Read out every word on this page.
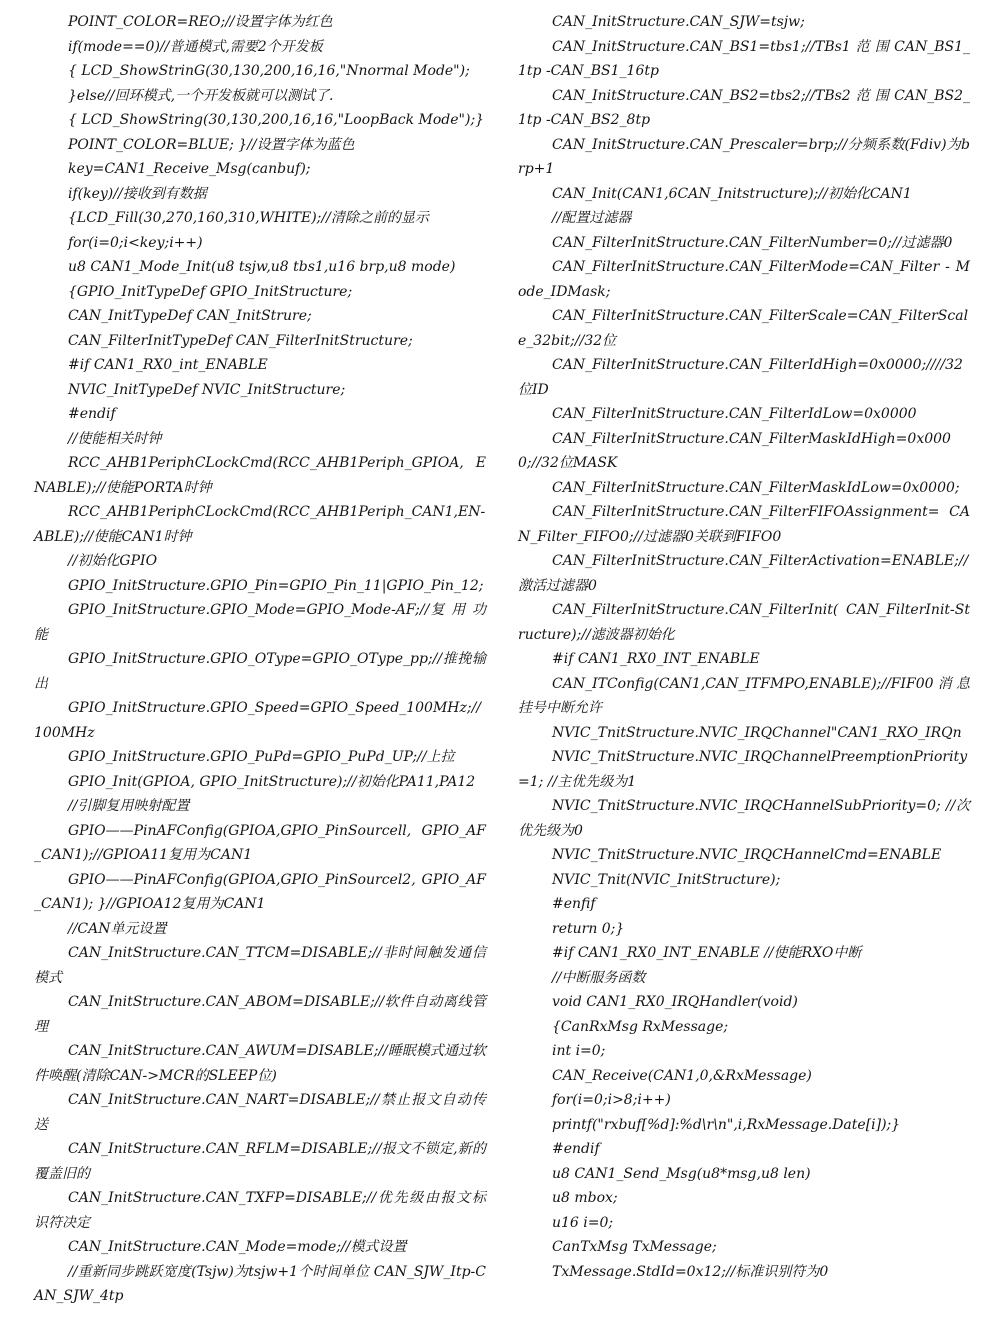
POINT_COLOR=REO;//设置字体为红色

if(mode==0)//普通模式,需要2个开发板

{ LCD_ShowStrinG(30,130,200,16,16,"Nnormal Mode");

}else//回环模式,一个开发板就可以测试了.

{ LCD_ShowString(30,130,200,16,16,"LoopBack Mode");}

POINT_COLOR=BLUE; }//设置字体为蓝色

key=CAN1_Receive_Msg(canbuf);

if(key)//接收到有数据

{LCD_Fill(30,270,160,310,WHITE);//清除之前的显示

for(i=0;i<key;i++)

u8 CAN1_Mode_Init(u8 tsjw,u8 tbs1,u16 brp,u8 mode)

{GPIO_InitTypeDef GPIO_InitStructure;

CAN_InitTypeDef CAN_InitStrure;

CAN_FilterInitTypeDef CAN_FilterInitStructure;

#if CAN1_RX0_int_ENABLE

NVIC_InitTypeDef NVIC_InitStructure;

#endif

//使能相关时钟

RCC_AHB1PeriphCLockCmd(RCC_AHB1Periph_GPIOA, ENABLE);//使能PORTA时钟

RCC_AHB1PeriphCLockCmd(RCC_AHB1Periph_CAN1,EN-ABLE);//使能CAN1时钟

//初始化GPIO

GPIO_InitStructure.GPIO_Pin=GPIO_Pin_11|GPIO_Pin_12;

GPIO_InitStructure.GPIO_Mode=GPIO_Mode-AF;//复 用 功能

GPIO_InitStructure.GPIO_OType=GPIO_OType_pp;//推挽输出

GPIO_InitStructure.GPIO_Speed=GPIO_Speed_100MHz;// 100MHz

GPIO_InitStructure.GPIO_PuPd=GPIO_PuPd_UP;//上拉

GPIO_Init(GPIOA, GPIO_InitStructure);//初始化PA11,PA12

//引脚复用映射配置

GPIO——PinAFConfig(GPIOA,GPIO_PinSourcell, GPIO_AF_CAN1);//GPIOA11复用为CAN1

GPIO——PinAFConfig(GPIOA,GPIO_PinSourcel2, GPIO_AF_CAN1); }//GPIOA12复用为CAN1

//CAN单元设置

CAN_InitStructure.CAN_TTCM=DISABLE;//非时间触发通信模式

CAN_InitStructure.CAN_ABOM=DISABLE;//软件自动离线管理

CAN_InitStructure.CAN_AWUM=DISABLE;//睡眠模式通过软件唤醒(清除CAN->MCR的SLEEP位)

CAN_InitStructure.CAN_NART=DISABLE;//禁止报文自动传送

CAN_InitStructure.CAN_RFLM=DISABLE;//报文不锁定,新的覆盖旧的

CAN_InitStructure.CAN_TXFP=DISABLE;//优先级由报文标识符决定

CAN_InitStructure.CAN_Mode=mode;//模式设置

//重新同步跳跃宽度(Tsjw)为tsjw+1个时间单位 CAN_SJW_Itp-CAN_SJW_4tp

CAN_InitStructure.CAN_SJW=tsjw;

CAN_InitStructure.CAN_BS1=tbs1;//TBs1 范 围 CAN_BS1_1tp -CAN_BS1_16tp

CAN_InitStructure.CAN_BS2=tbs2;//TBs2 范 围 CAN_BS2_1tp -CAN_BS2_8tp

CAN_InitStructure.CAN_Prescaler=brp;//分频系数(Fdiv)为brp+1

CAN_Init(CAN1,6CAN_Initstructure);//初始化CAN1

//配置过滤器

CAN_FilterInitStructure.CAN_FilterNumber=0;//过滤器0

CAN_FilterInitStructure.CAN_FilterMode=CAN_Filter - Mode_IDMask;

CAN_FilterInitStructure.CAN_FilterScale=CAN_FilterScale_32bit;//32位

CAN_FilterInitStructure.CAN_FilterIdHigh=0x0000;////32 位ID

CAN_FilterInitStructure.CAN_FilterIdLow=0x0000

CAN_FilterInitStructure.CAN_FilterMaskIdHigh=0x0000;//32位MASK

CAN_FilterInitStructure.CAN_FilterMaskIdLow=0x0000;

CAN_FilterInitStructure.CAN_FilterFIFOAssignment= CAN_Filter_FIFO0;//过滤器0关联到FIFO0

CAN_FilterInitStructure.CAN_FilterActivation=ENABLE;//激活过滤器0

CAN_FilterInitStructure.CAN_FilterInit( CAN_FilterInit-Structure);//滤波器初始化

#if CAN1_RX0_INT_ENABLE

CAN_ITConfig(CAN1,CAN_ITFMPO,ENABLE);//FIF00消息挂号中断允许

NVIC_TnitStructure.NVIC_IRQChannel"CAN1_RXO_IRQn

NVIC_TnitStructure.NVIC_IRQChannelPreemptionPriority=1; //主优先级为1

NVIC_TnitStructure.NVIC_IRQCHannelSubPriority=0; //次优先级为0

NVIC_TnitStructure.NVIC_IRQCHannelCmd=ENABLE

NVIC_Tnit(NVIC_InitStructure);

#enfif

return 0;}

#if CAN1_RX0_INT_ENABLE //使能RXO中断

//中断服务函数

void CAN1_RX0_IRQHandler(void)

{CanRxMsg RxMessage;

int i=0;

CAN_Receive(CAN1,0,&RxMessage)

for(i=0;i>8;i++)

printf("rxbuf[%d]:%d\r\n",i,RxMessage.Date[i]);}

#endif

u8 CAN1_Send_Msg(u8*msg,u8 len)

u8 mbox;

u16 i=0;

CanTxMsg TxMessage;

TxMessage.StdId=0x12;//标准识别符为0
